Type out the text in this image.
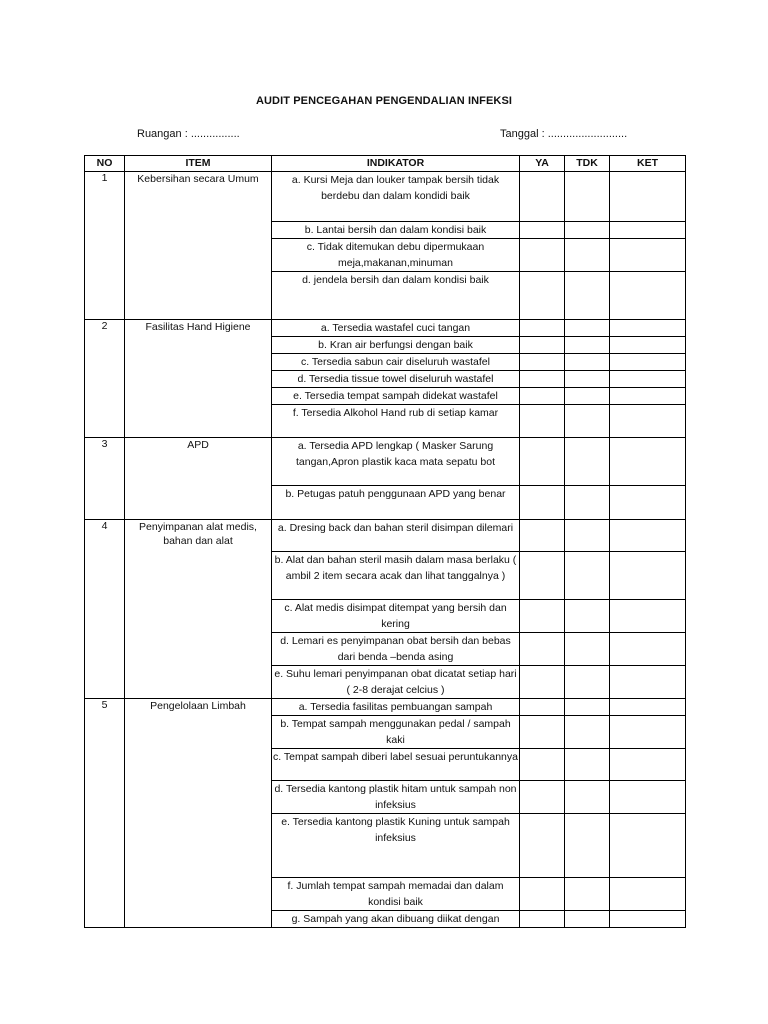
AUDIT PENCEGAHAN PENGENDALIAN INFEKSI
Ruangan : ................	Tanggal : ..........................
NO	ITEM	INDIKATOR	YA	TDK	KET
1	Kebersihan secara Umum	a. Kursi Meja dan louker tampak bersih tidak berdebu dan dalam kondidi baik			
		b. Lantai bersih dan dalam kondisi baik			
		c. Tidak ditemukan debu dipermukaan meja,makanan,minuman			
		d. jendela bersih dan dalam kondisi baik			
2	Fasilitas Hand Higiene	a. Tersedia wastafel cuci tangan			
		b. Kran air berfungsi dengan baik			
		c. Tersedia sabun cair diseluruh wastafel			
		d. Tersedia tissue towel diseluruh wastafel			
		e. Tersedia tempat sampah didekat wastafel			
		f. Tersedia Alkohol Hand rub di setiap kamar			
3	APD	a. Tersedia APD lengkap ( Masker Sarung tangan,Apron plastik kaca mata sepatu bot			
		b. Petugas patuh penggunaan APD yang benar			
4	Penyimpanan alat medis, bahan dan alat	a. Dresing back dan bahan steril disimpan dilemari			
		b. Alat dan bahan steril masih dalam masa berlaku ( ambil 2 item secara acak dan lihat tanggalnya )			
		c. Alat medis disimpat ditempat yang bersih dan kering			
		d. Lemari es penyimpanan obat bersih dan bebas dari benda –benda asing			
		e. Suhu lemari penyimpanan obat dicatat setiap hari ( 2-8 derajat celcius )			
5	Pengelolaan Limbah	a. Tersedia fasilitas pembuangan sampah			
		b. Tempat sampah menggunakan pedal / sampah kaki			
		c. Tempat sampah diberi label sesuai peruntukannya			
		d. Tersedia kantong plastik hitam untuk sampah non infeksius			
		e. Tersedia kantong plastik Kuning untuk sampah infeksius			
		f. Jumlah tempat sampah memadai dan dalam kondisi baik			
		g. Sampah yang akan dibuang diikat dengan			
